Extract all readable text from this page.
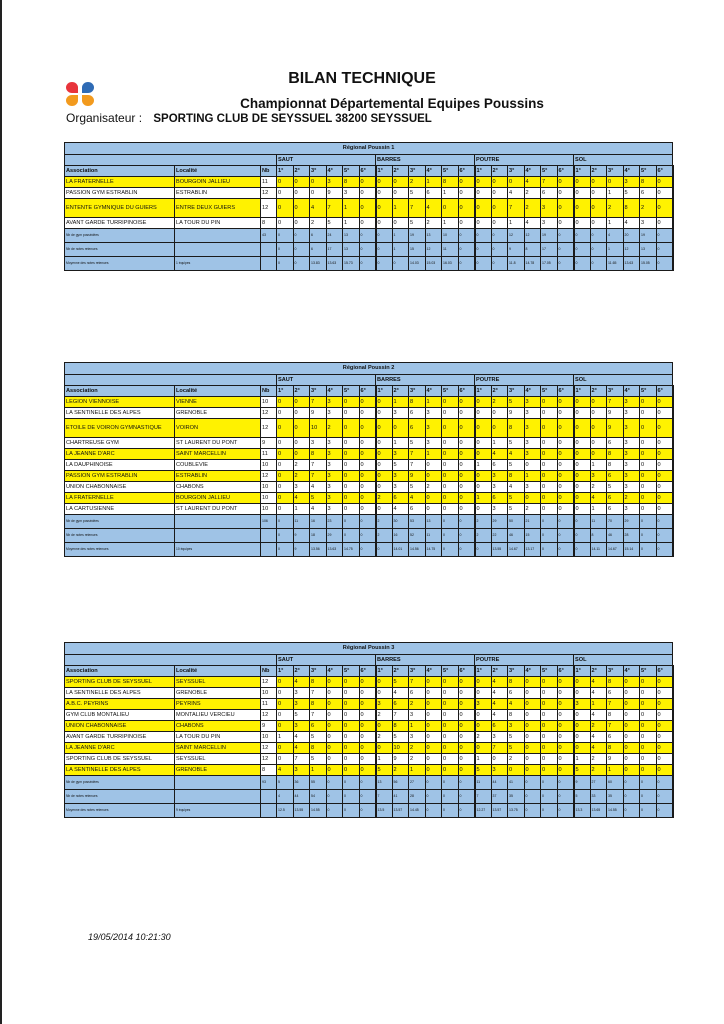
BILAN TECHNIQUE
Championnat Départemental Equipes Poussins
Organisateur : SPORTING CLUB DE SEYSSUEL 38200 SEYSSUEL
Régional Poussin 1																										
			SAUT						BARRES						POUTRE						SOL					
Association	Localité	Nb	1°	2°	3°	4°	5°	6°	1°	2°	3°	4°	5°	6°	1°	2°	3°	4°	5°	6°	1°	2°	3°	4°	5°	6°
LA FRATERNELLE	BOURGOIN JALLIEU	11	0	0	0	3	8	0	0	0	2	1	8	0	0	0	0	4	7	0	0	0	0	3	8	0
PASSION GYM ESTRABLIN	ESTRABLIN	12	0	0	0	9	3	0	0	0	5	6	1	0	0	0	4	2	6	0	0	0	1	5	6	0
ENTENTE GYMNIQUE DU GUIERS	ENTRE DEUX GUIERS	12	0	0	4	7	1	0	0	1	7	4	0	0	0	0	7	2	3	0	0	0	2	8	2	0
AVANT GARDE TURRIPINOISE	LA TOUR DU PIN	8	0	0	2	5	1	0	0	0	5	2	1	0	0	0	1	4	3	0	0	0	1	4	3	0
Nb de gym possédées		43	0	0	6	24	13	0	0	1	19	13	10	0	0	0	12	12	19	0	0	0	4	20	19	0
Nb de notes retenues			0	0	6	17	13	0	0	1	15	12	11	0	0	0	9	8	17	0	0	0	1	12	13	0
Moyenne des notes retenues	1 équipes		0	0	13.83	13.63	15.73	0	0	0	14.03	15.03	16.03	0	0	0	11.8	14.78	17.05	0	0	0	11.65	13.63	15.05	0
Régional Poussin 2																										
			SAUT						BARRES						POUTRE						SOL					
Association	Localité	Nb	1°	2°	3°	4°	5°	6°	1°	2°	3°	4°	5°	6°	1°	2°	3°	4°	5°	6°	1°	2°	3°	4°	5°	6°
LEGION VIENNOISE	VIENNE	10	0	0	7	3	0	0	0	1	8	1	0	0	0	2	5	3	0	0	0	0	7	3	0	0
LA SENTINELLE DES ALPES	GRENOBLE	12	0	0	9	3	0	0	0	3	6	3	0	0	0	0	9	3	0	0	0	0	9	3	0	0
ETOILE DE VOIRON GYMNASTIQUE	VOIRON	12	0	0	10	2	0	0	0	0	6	3	0	0	0	0	8	3	0	0	0	0	9	3	0	0
CHARTREUSE GYM	ST LAURENT DU PONT	9	0	0	3	3	0	0	0	1	5	3	0	0	0	1	5	3	0	0	0	0	6	3	0	0
LA JEANNE D'ARC	SAINT MARCELLIN	11	0	0	8	3	0	0	0	3	7	1	0	0	0	4	4	3	0	0	0	0	8	3	0	0
LA DAUPHINOISE	COUBLEVIE	10	0	2	7	3	0	0	0	5	7	0	0	0	1	6	5	0	0	0	0	1	8	3	0	0
PASSION GYM ESTRABLIN	ESTRABLIN	12	0	2	7	3	0	0	0	3	9	0	0	0	0	3	8	1	0	0	0	3	6	3	0	0
UNION CHABONNAISE	CHABONS	10	0	3	4	3	0	0	0	3	5	2	0	0	0	3	4	3	0	0	0	2	5	3	0	0
LA FRATERNELLE	BOURGOIN JALLIEU	10	0	4	5	3	0	0	2	6	4	0	0	0	1	6	5	0	0	0	0	4	6	2	0	0
LA CARTUSIENNE	ST LAURENT DU PONT	10	0	1	4	3	0	0	0	4	6	0	0	0	0	3	5	2	0	0	0	1	6	3	0	0
Nb de gym possédées		106	0	11	16	23	0	0	2	30	53	13	0	0	2	29	50	21	0	0	0	11	70	29	0	0
Nb de notes retenues			0	9	18	29	0	0	2	16	52	11	0	0	2	22	46	15	0	0	0	8	46	28	0	0
Moyenne des notes retenues	10 équipes		0	9	13.56	13.63	14.75	0	0	14.01	14.56	14.75	0	0	0	13.55	14.67	13.17	0	0	0	14.11	14.67	15.14	0	0
Régional Poussin 3																										
			SAUT						BARRES						POUTRE						SOL					
Association	Localité	Nb	1°	2°	3°	4°	5°	6°	1°	2°	3°	4°	5°	6°	1°	2°	3°	4°	5°	6°	1°	2°	3°	4°	5°	6°
SPORTING CLUB DE SEYSSUEL	SEYSSUEL	12	0	4	8	0	0	0	0	5	7	0	0	0	0	4	8	0	0	0	0	4	8	0	0	0
LA SENTINELLE DES ALPES	GRENOBLE	10	0	3	7	0	0	0	0	4	6	0	0	0	0	4	6	0	0	0	0	4	6	0	0	0
A.B.C. PEYRINS	PEYRINS	11	0	3	8	0	0	0	3	6	2	0	0	0	3	4	4	0	0	0	3	1	7	0	0	0
GYM CLUB MONTALIEU	MONTALIEU VERCIEU	12	0	5	7	0	0	0	2	7	3	0	0	0	0	4	8	0	0	0	0	4	8	0	0	0
UNION CHABONNAISE	CHABONS	9	0	3	6	0	0	0	0	8	1	0	0	0	0	6	3	0	0	0	0	2	7	0	0	0
AVANT GARDE TURRIPINOISE	LA TOUR DU PIN	10	1	4	5	0	0	0	2	5	3	0	0	0	2	3	5	0	0	0	0	4	6	0	0	0
LA JEANNE D'ARC	SAINT MARCELLIN	12	0	4	8	0	0	0	0	10	2	0	0	0	0	7	5	0	0	0	0	4	8	0	0	0
SPORTING CLUB DE SEYSSUEL	SEYSSUEL	12	0	7	5	0	0	0	1	9	2	0	0	0	1	0	2	0	0	0	1	2	9	0	0	0
LA SENTINELLE DES ALPES	GRENOBLE	8	4	3	1	0	0	0	5	2	1	0	0	0	5	3	0	0	0	0	5	2	1	0	0	0
Nb de gym possédées		93	5	36	55	0	0	0	13	56	27	0	0	0	11	44	41	0	0	0	9	27	60	0	0	0
Nb de notes retenues			4	44	54	0	0	0	7	41	28	0	0	0	7	37	35	0	0	0	5	33	35	0	0	0
Moyenne des notes retenues	9 équipes		12.5	13.55	14.55	0	0	0	13.5	13.57	14.45	0	0	0	12.27	13.57	13.75	0	0	0	13.3	13.65	14.55	0	0	0
19/05/2014 10:21:30
